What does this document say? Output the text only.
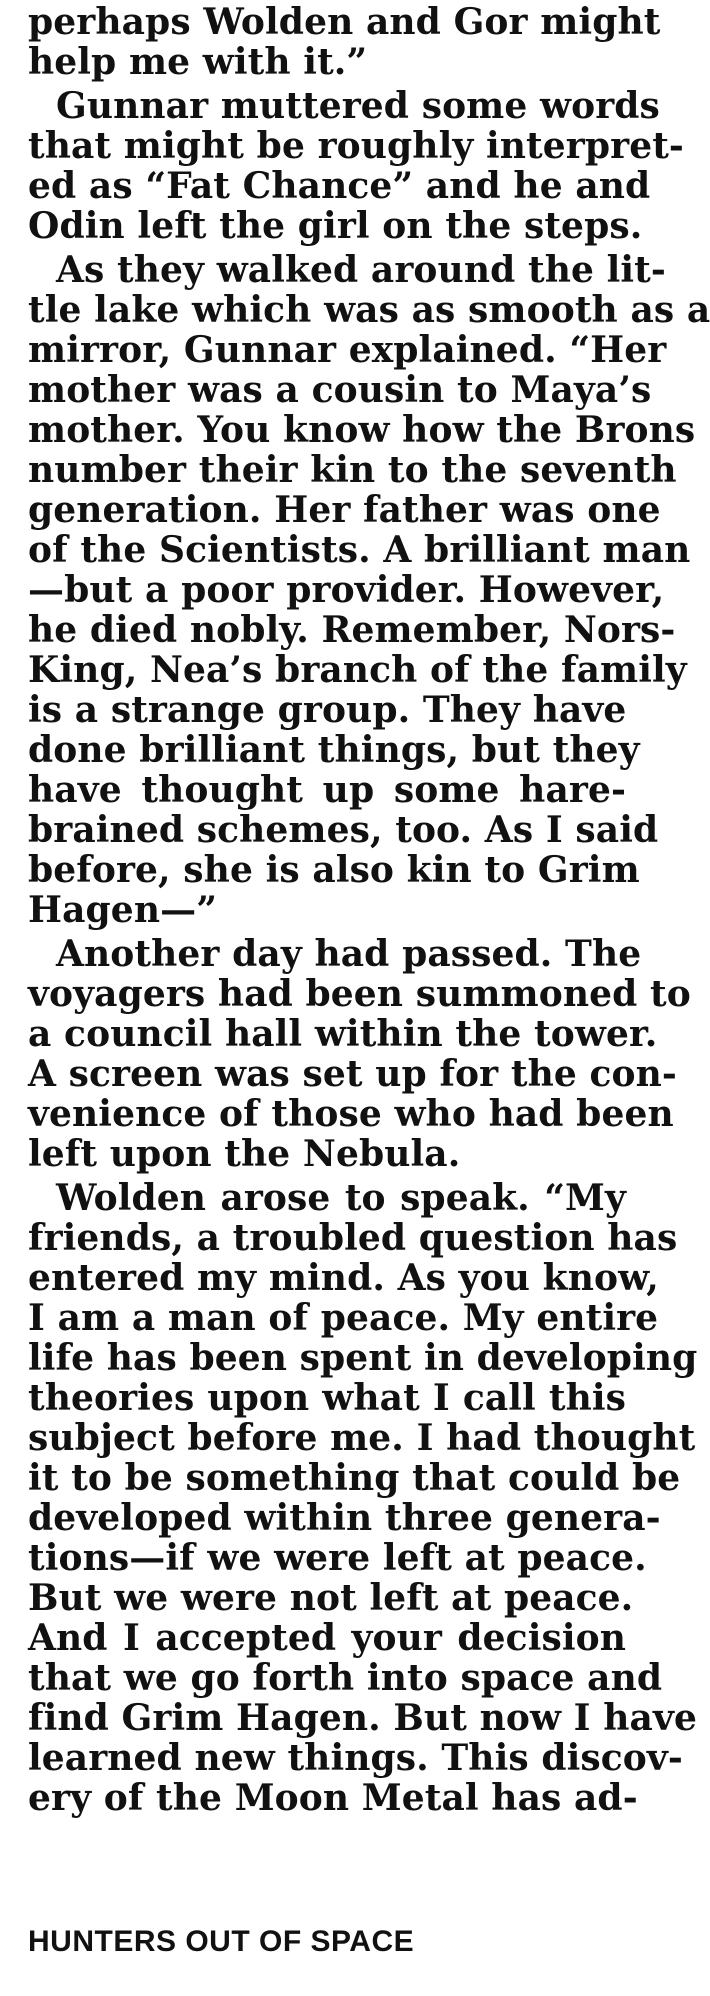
perhaps Wolden and Gor might
help me with it.”
Gunnar muttered some words
that might be roughly interpret-
ed as “Fat Chance” and he and
Odin left the girl on the steps.
As they walked around the lit-
tle lake which was as smooth as a
mirror, Gunnar explained. “Her
mother was a cousin to Maya’s
mother. You know how the Brons
number their kin to the seventh
generation. Her father was one
of the Scientists. A brilliant man
—but a poor provider. However,
he died nobly. Remember, Nors-
King, Nea’s branch of the family
is a strange group. They have
done brilliant things, but they
have thought up some hare-
brained schemes, too. As I said
before, she is also kin to Grim
Hagen—”
Another day had passed. The
voyagers had been summoned to
a council hall within the tower.
A screen was set up for the con-
venience of those who had been
left upon the Nebula.
Wolden arose to speak. “My
friends, a troubled question has
entered my mind. As you know,
I am a man of peace. My entire
life has been spent in developing
theories upon what I call this
subject before me. I had thought
it to be something that could be
developed within three genera-
tions—if we were left at peace.
But we were not left at peace.
And I accepted your decision
that we go forth into space and
find Grim Hagen. But now I have
learned new things. This discov-
ery of the Moon Metal has ad-
HUNTERS OUT OF SPACE
